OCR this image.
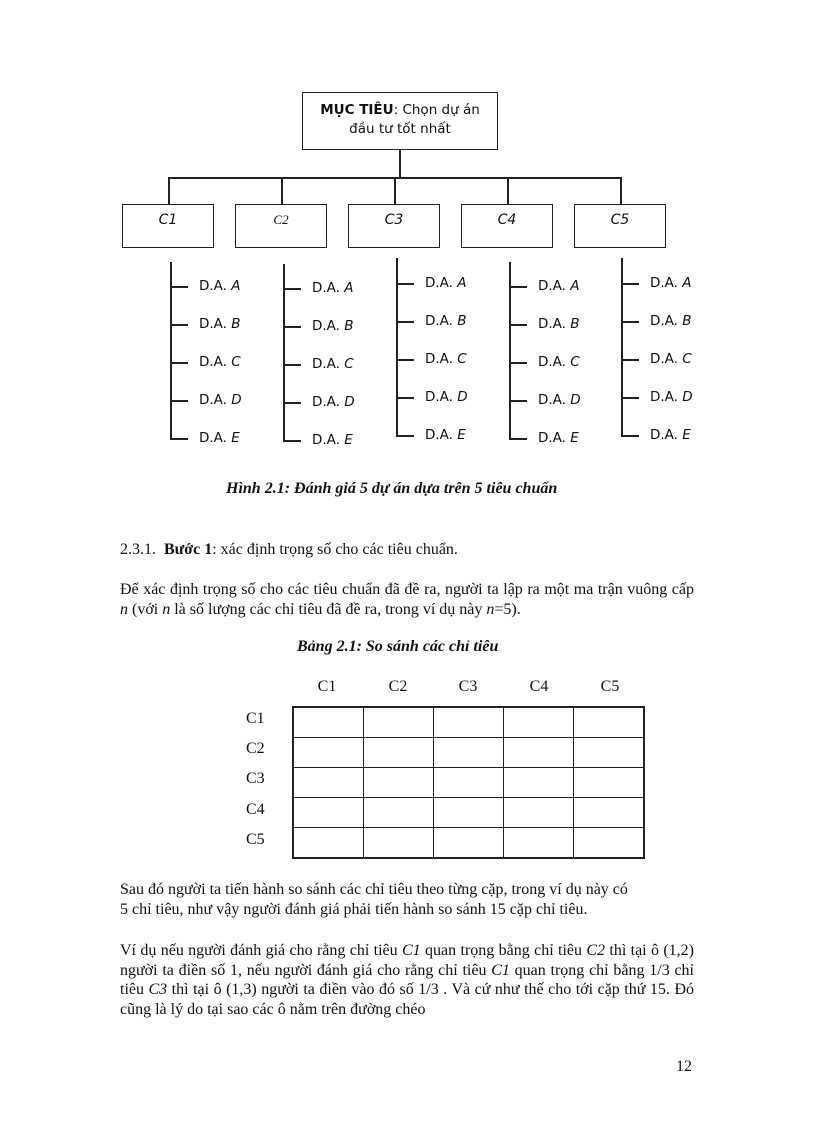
MỤC TIÊU: Chọn dự án
đầu tư tốt nhất
C1	C2	C3	C4	C5
D.A. A
D.A. B
D.A. C
D.A. D
D.A. E
D.A. A
D.A. B
D.A. C
D.A. D
D.A. E
D.A. A
D.A. B
D.A. C
D.A. D
D.A. E
D.A. A
D.A. B
D.A. C
D.A. D
D.A. E
D.A. A
D.A. B
D.A. C
D.A. D
D.A. E
Hình 2.1: Đánh giá 5 dự án dựa trên 5 tiêu chuẩn
2.3.1. Bước 1: xác định trọng số cho các tiêu chuẩn.

Để xác định trọng số cho các tiêu chuẩn đã đề ra, người ta lập ra một ma trận vuông cấp n (với n là số lượng các chỉ tiêu đã đề ra, trong ví dụ này n=5).

Bảng 2.1: So sánh các chỉ tiêu
C1	C2	C3	C4	C5
C1
C2
C3
C4
C5

Sau đó người ta tiến hành so sánh các chỉ tiêu theo từng cặp, trong ví dụ này có

5 chỉ tiêu, như vậy người đánh giá phải tiến hành so sánh 15 cặp chỉ tiêu.

Ví dụ nếu người đánh giá cho rằng chỉ tiêu C1 quan trọng bằng chỉ tiêu C2 thì tại ô (1,2) người ta điền số 1, nếu người đánh giá cho rằng chỉ tiêu C1 quan trọng chỉ bằng 1/3 chỉ tiêu C3 thì tại ô (1,3) người ta điền vào đó số 1/3 . Và cứ như thế cho tới cặp thứ 15. Đó cũng là lý do tại sao các ô nằm trên đường chéo

12
